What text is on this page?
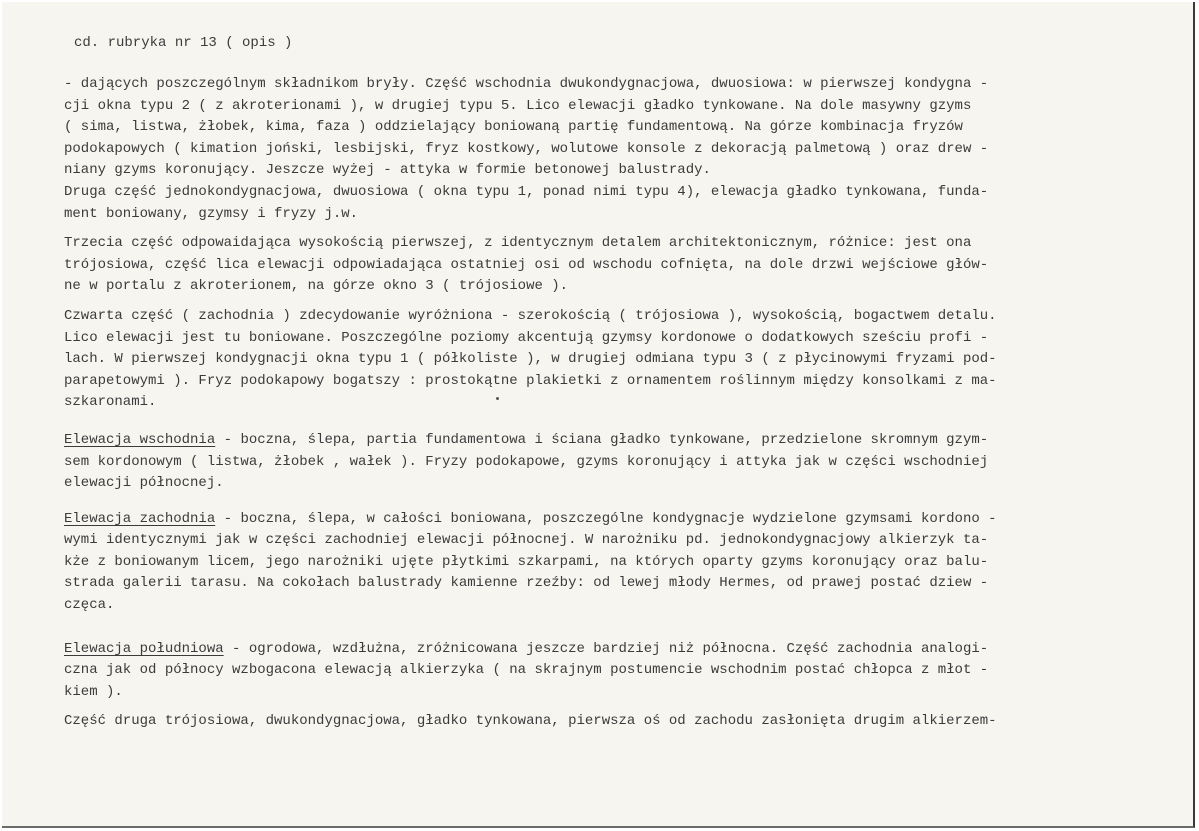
cd. rubryka nr 13 ( opis )
- dających poszczególnym składnikom bryły. Część wschodnia dwukondygnacjowa, dwuosiowa: w pierwszej kondygna -
cji okna typu 2 ( z akroterionami ), w drugiej typu 5. Lico elewacji gładko tynkowane. Na dole masywny gzyms
( sima, listwa, żłobek, kima, faza ) oddzielający boniowaną partię fundamentową. Na górze kombinacja fryzów
podokapowych ( kimation joński, lesbijski, fryz kostkowy, wolutowe konsole z dekoracją palmetową ) oraz drew -
niany gzyms koronujący. Jeszcze wyżej - attyka w formie betonowej balustrady.
Druga część jednokondygnacjowa, dwuosiowa ( okna typu 1, ponad nimi typu 4), elewacja gładko tynkowana, funda-
ment boniowany, gzymsy i fryzy j.w.
Trzecia część odpowaidająca wysokością pierwszej, z identycznym detalem architektonicznym, różnice: jest ona
trójosiowa, część lica elewacji odpowiadająca ostatniej osi od wschodu cofnięta, na dole drzwi wejściowe głów-
ne w portalu z akroterionem, na górze okno 3 ( trójosiowe ).
Czwarta część ( zachodnia ) zdecydowanie wyróżniona - szerokością ( trójosiowa ), wysokością, bogactwem detalu.
Lico elewacji jest tu boniowane. Poszczególne poziomy akcentują gzymsy kordonowe o dodatkowych sześciu profi -
lach. W pierwszej kondygnacji okna typu 1 ( półkoliste ), w drugiej odmiana typu 3 ( z płycinowymi fryzami pod-
parapetowymi ). Fryz podokapowy bogatszy : prostokątne plakietki z ornamentem roślinnym między konsolkami z ma-
szkaronami.
Elewacja wschodnia - boczna, ślepa, partia fundamentowa i ściana gładko tynkowane, przedzielone skromnym gzym-
sem kordonowym ( listwa, żłobek , wałek ). Fryzy podokapowe, gzyms koronujący i attyka jak w części wschodniej
elewacji północnej.
Elewacja zachodnia - boczna, ślepa, w całości boniowana, poszczególne kondygnacje wydzielone gzymsami kordono -
wymi identycznymi jak w części zachodniej elewacji północnej. W narożniku pd. jednokondygnacjowy alkierzyk ta-
kże z boniowanym licem, jego narożniki ujęte płytkimi szkarpami, na których oparty gzyms koronujący oraz balu-
strada galerii tarasu. Na cokołach balustrady kamienne rzeźby: od lewej młody Hermes, od prawej postać dziew -
częca.
Elewacja południowa - ogrodowa, wzdłużna, zróżnicowana jeszcze bardziej niż północna. Część zachodnia analogi-
czna jak od północy wzbogacona elewacją alkierzyka ( na skrajnym postumencie wschodnim postać chłopca z młot -
kiem ).
Część druga trójosiowa, dwukondygnacjowa, gładko tynkowana, pierwsza oś od zachodu zasłonięta drugim alkierzem-
